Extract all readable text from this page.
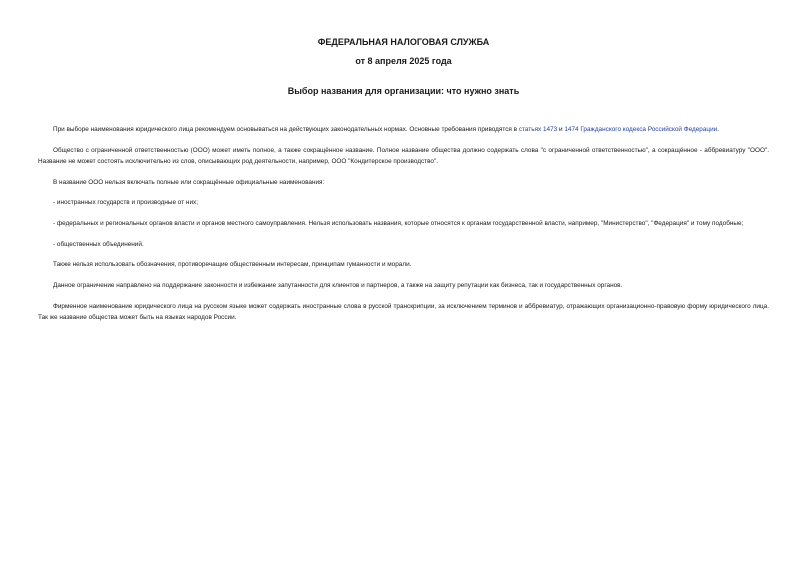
ФЕДЕРАЛЬНАЯ НАЛОГОВАЯ СЛУЖБА
от 8 апреля 2025 года
Выбор названия для организации: что нужно знать

При выборе наименования юридического лица рекомендуем основываться на действующих законодательных нормах. Основные требования приводятся в статьях 1473 и 1474 Гражданского кодекса Российской Федерации.

Общество с ограниченной ответственностью (ООО) может иметь полное, а также сокращённое название. Полное название общества должно содержать слова "с ограниченной ответственностью", а сокращённое - аббревиатуру "ООО". Название не может состоять исключительно из слов, описывающих род деятельности, например, ООО "Кондитерское производство".

В название ООО нельзя включать полные или сокращённые официальные наименования:

- иностранных государств и производные от них;

- федеральных и региональных органов власти и органов местного самоуправления. Нельзя использовать названия, которые относятся к органам государственной власти, например, "Министерство", "Федерация" и тому подобные;

- общественных объединений.

Также нельзя использовать обозначения, противоречащие общественным интересам, принципам гуманности и морали.

Данное ограничение направлено на поддержание законности и избежание запутанности для клиентов и партнеров, а также на защиту репутации как бизнеса, так и государственных органов.

Фирменное наименование юридического лица на русском языке может содержать иностранные слова в русской транскрипции, за исключением терминов и аббревиатур, отражающих организационно-правовую форму юридического лица. Так же название общества может быть на языках народов России.
